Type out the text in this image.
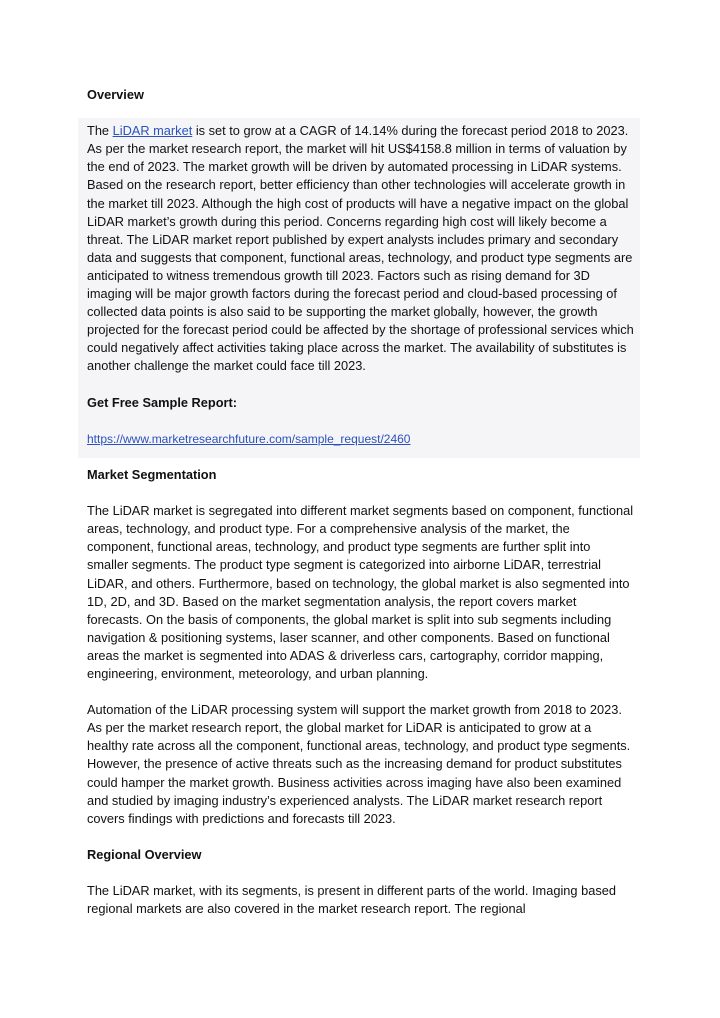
Overview

The LiDAR market is set to grow at a CAGR of 14.14% during the forecast period 2018 to 2023. As per the market research report, the market will hit US$4158.8 million in terms of valuation by the end of 2023. The market growth will be driven by automated processing in LiDAR systems. Based on the research report, better efficiency than other technologies will accelerate growth in the market till 2023. Although the high cost of products will have a negative impact on the global LiDAR market’s growth during this period. Concerns regarding high cost will likely become a threat. The LiDAR market report published by expert analysts includes primary and secondary data and suggests that component, functional areas, technology, and product type segments are anticipated to witness tremendous growth till 2023. Factors such as rising demand for 3D imaging will be major growth factors during the forecast period and cloud-based processing of collected data points is also said to be supporting the market globally, however, the growth projected for the forecast period could be affected by the shortage of professional services which could negatively affect activities taking place across the market. The availability of substitutes is another challenge the market could face till 2023.

Get Free Sample Report:

https://www.marketresearchfuture.com/sample_request/2460

Market Segmentation

The LiDAR market is segregated into different market segments based on component, functional areas, technology, and product type. For a comprehensive analysis of the market, the component, functional areas, technology, and product type segments are further split into smaller segments. The product type segment is categorized into airborne LiDAR, terrestrial LiDAR, and others. Furthermore, based on technology, the global market is also segmented into 1D, 2D, and 3D. Based on the market segmentation analysis, the report covers market forecasts. On the basis of components, the global market is split into sub segments including navigation & positioning systems, laser scanner, and other components. Based on functional areas the market is segmented into ADAS & driverless cars, cartography, corridor mapping, engineering, environment, meteorology, and urban planning.

Automation of the LiDAR processing system will support the market growth from 2018 to 2023. As per the market research report, the global market for LiDAR is anticipated to grow at a healthy rate across all the component, functional areas, technology, and product type segments. However, the presence of active threats such as the increasing demand for product substitutes could hamper the market growth. Business activities across imaging have also been examined and studied by imaging industry’s experienced analysts. The LiDAR market research report covers findings with predictions and forecasts till 2023.

Regional Overview

The LiDAR market, with its segments, is present in different parts of the world. Imaging based regional markets are also covered in the market research report. The regional
